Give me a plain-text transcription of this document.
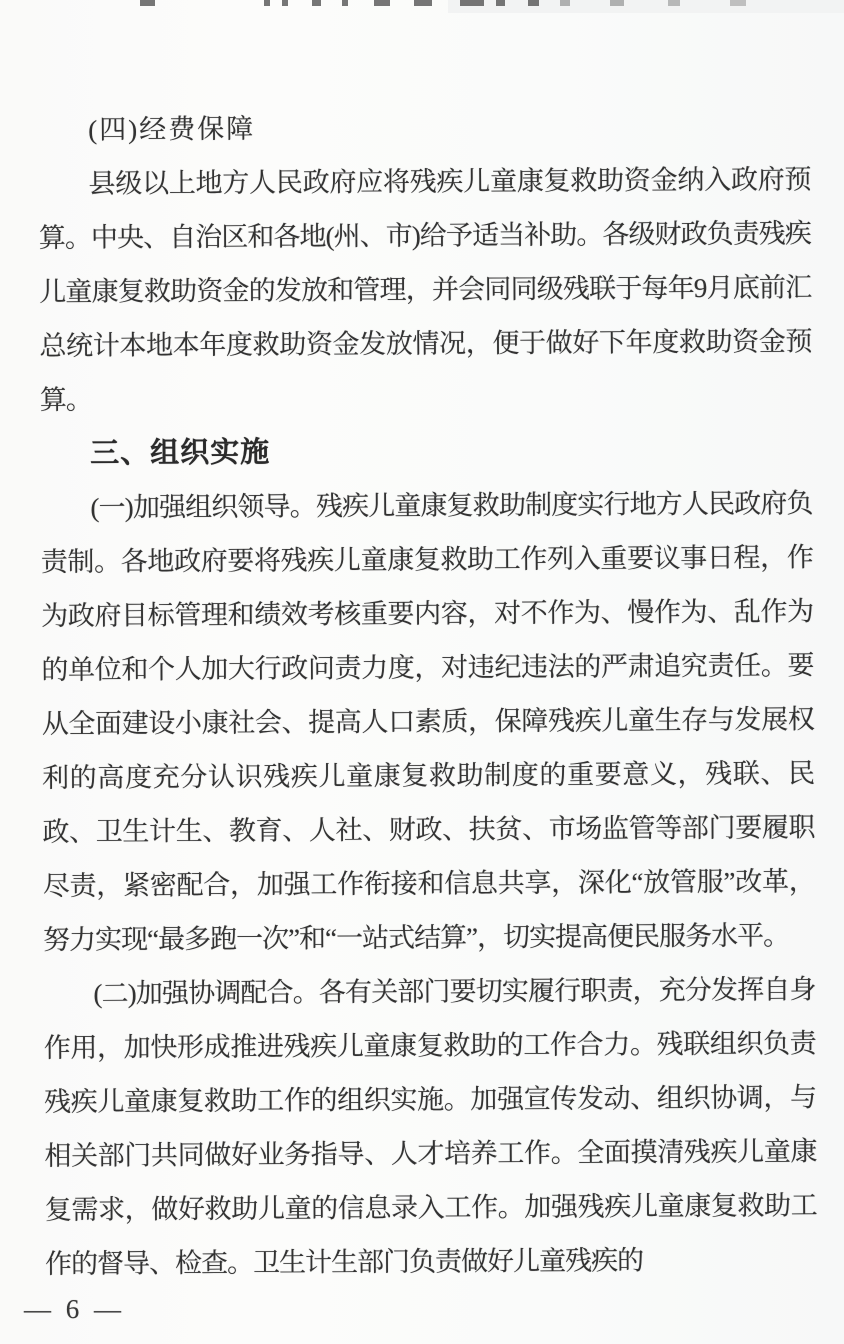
(四)经费保障

县级以上地方人民政府应将残疾儿童康复救助资金纳入政府预算。中央、自治区和各地(州、市)给予适当补助。各级财政负责残疾儿童康复救助资金的发放和管理，并会同同级残联于每年9月底前汇总统计本地本年度救助资金发放情况，便于做好下年度救助资金预算。

三、组织实施

(一)加强组织领导。残疾儿童康复救助制度实行地方人民政府负责制。各地政府要将残疾儿童康复救助工作列入重要议事日程，作为政府目标管理和绩效考核重要内容，对不作为、慢作为、乱作为的单位和个人加大行政问责力度，对违纪违法的严肃追究责任。要从全面建设小康社会、提高人口素质，保障残疾儿童生存与发展权利的高度充分认识残疾儿童康复救助制度的重要意义，残联、民政、卫生计生、教育、人社、财政、扶贫、市场监管等部门要履职尽责，紧密配合，加强工作衔接和信息共享，深化“放管服”改革，努力实现“最多跑一次”和“一站式结算”，切实提高便民服务水平。

(二)加强协调配合。各有关部门要切实履行职责，充分发挥自身作用，加快形成推进残疾儿童康复救助的工作合力。残联组织负责残疾儿童康复救助工作的组织实施。加强宣传发动、组织协调，与相关部门共同做好业务指导、人才培养工作。全面摸清残疾儿童康复需求，做好救助儿童的信息录入工作。加强残疾儿童康复救助工作的督导、检查。卫生计生部门负责做好儿童残疾的

— 6 —
